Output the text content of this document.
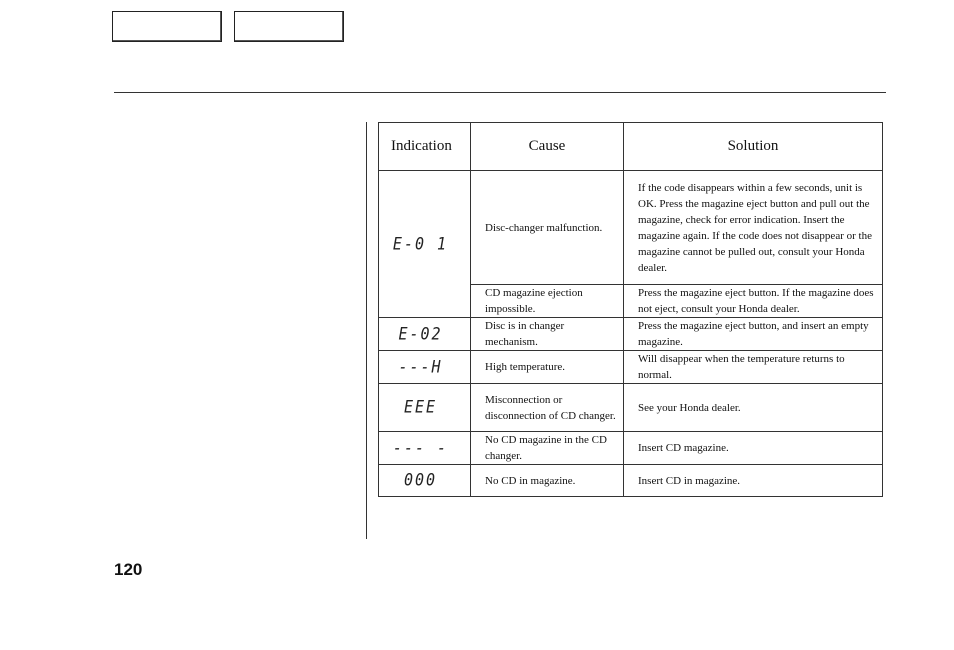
Indication	Cause	Solution
E-0 1	Disc-changer malfunction.	If the code disappears within a few seconds, unit is OK. Press the magazine eject button and pull out the magazine, check for error indication. Insert the magazine again. If the code does not disappear or the magazine cannot be pulled out, consult your Honda dealer.
	CD magazine ejection impossible.	Press the magazine eject button. If the magazine does not eject, consult your Honda dealer.
E-02	Disc is in changer mechanism.	Press the magazine eject button, and insert an empty magazine.
---H	High temperature.	Will disappear when the temperature returns to normal.
EEE	Misconnection or disconnection of CD changer.	See your Honda dealer.
--- -	No CD magazine in the CD changer.	Insert CD magazine.
000	No CD in magazine.	Insert CD in magazine.
120
